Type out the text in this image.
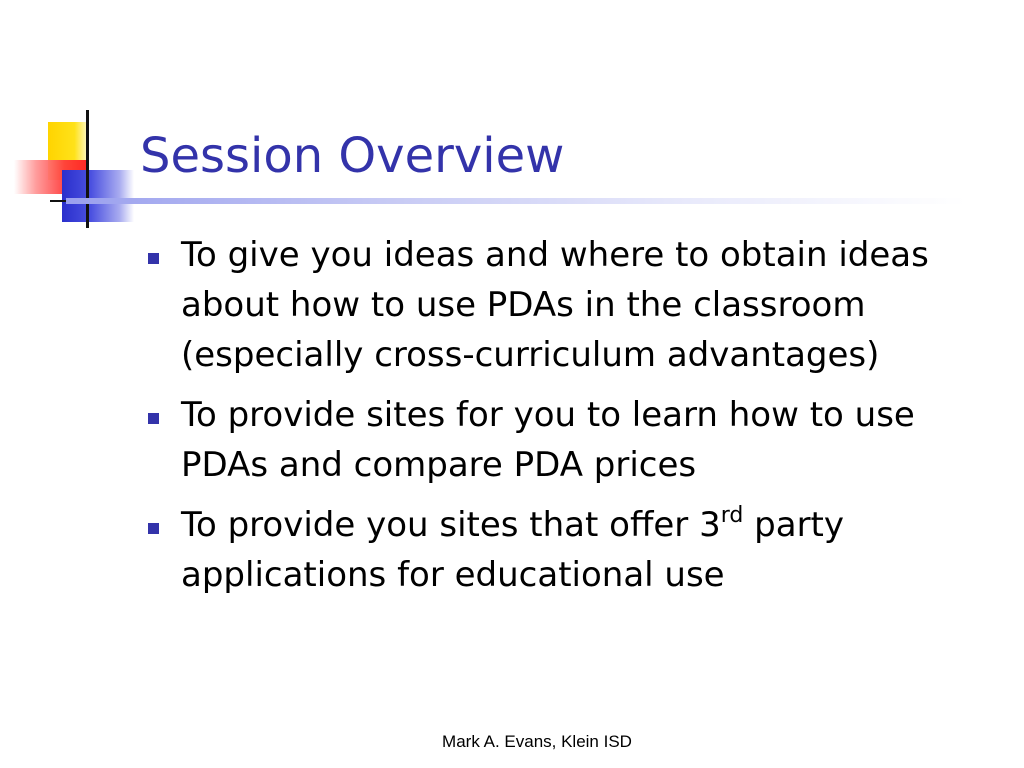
Session Overview
To give you ideas and where to obtain ideas about how to use PDAs in the classroom (especially cross-curriculum advantages)
To provide sites for you to learn how to use PDAs and compare PDA prices
To provide you sites that offer 3rd party applications for educational use
Mark A. Evans, Klein ISD
